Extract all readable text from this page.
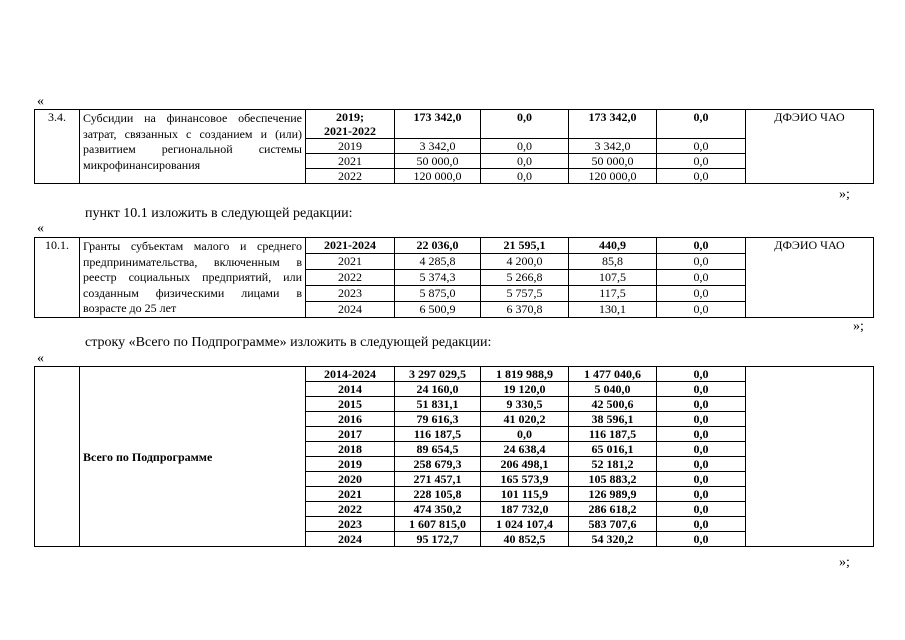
«
3.4.	Субсидии на финансовое обеспечение
затрат, связанных с созданием и (или)
развитием региональной системы
микрофинансирования	2019;
2021-2022	173 342,0	0,0	173 342,0	0,0	ДФЭИО ЧАО
		2019	3 342,0	0,0	3 342,0	0,0	
		2021	50 000,0	0,0	50 000,0	0,0	
		2022	120 000,0	0,0	120 000,0	0,0	
»;
пункт 10.1 изложить в следующей редакции:
«
10.1.	Гранты субъектам малого и среднего
предпринимательства, включенным в
реестр социальных предприятий, или
созданным физическими лицами в
возрасте до 25 лет	2021-2024	22 036,0	21 595,1	440,9	0,0	ДФЭИО ЧАО
		2021	4 285,8	4 200,0	85,8	0,0	
		2022	5 374,3	5 266,8	107,5	0,0	
		2023	5 875,0	5 757,5	117,5	0,0	
		2024	6 500,9	6 370,8	130,1	0,0	
»;
строку «Всего по Подпрограмме» изложить в следующей редакции:
«
	Всего по Подпрограмме	2014-2024	3 297 029,5	1 819 988,9	1 477 040,6	0,0	
		2014	24 160,0	19 120,0	5 040,0	0,0	
		2015	51 831,1	9 330,5	42 500,6	0,0	
		2016	79 616,3	41 020,2	38 596,1	0,0	
		2017	116 187,5	0,0	116 187,5	0,0	
		2018	89 654,5	24 638,4	65 016,1	0,0	
		2019	258 679,3	206 498,1	52 181,2	0,0	
		2020	271 457,1	165 573,9	105 883,2	0,0	
		2021	228 105,8	101 115,9	126 989,9	0,0	
		2022	474 350,2	187 732,0	286 618,2	0,0	
		2023	1 607 815,0	1 024 107,4	583 707,6	0,0	
		2024	95 172,7	40 852,5	54 320,2	0,0	
»;
